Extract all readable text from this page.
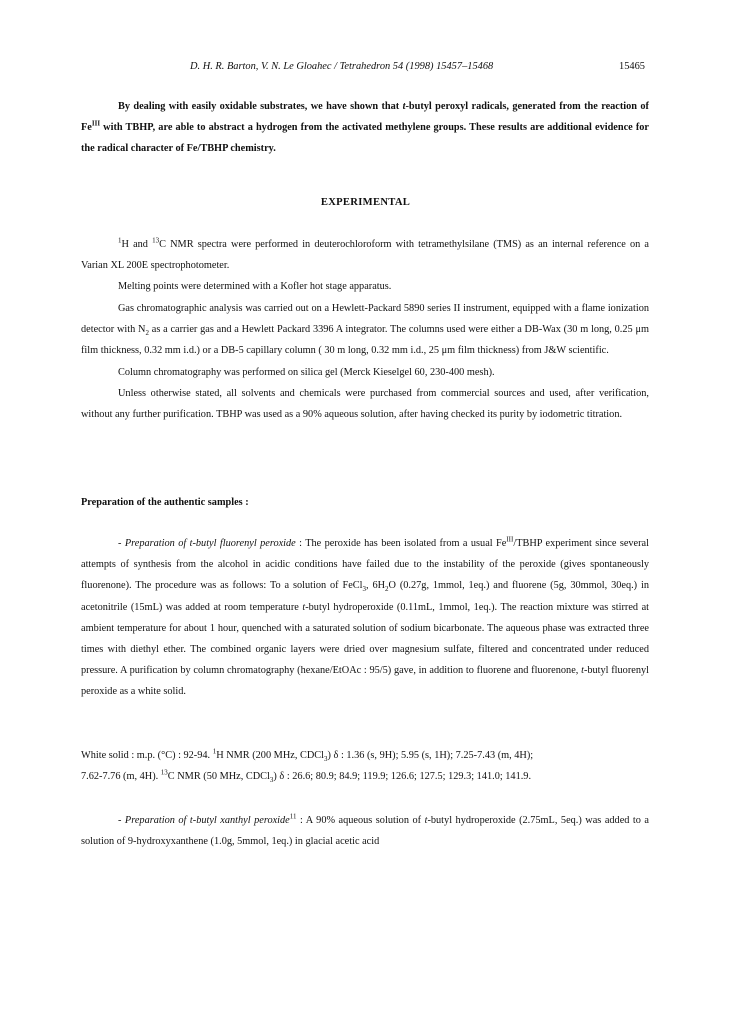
D. H. R. Barton, V. N. Le Gloahec / Tetrahedron 54 (1998) 15457–15468	15465

By dealing with easily oxidable substrates, we have shown that t-butyl peroxyl radicals, generated from the reaction of $Fe^{III}$ with TBHP, are able to abstract a hydrogen from the activated methylene groups. These results are additional evidence for the radical character of Fe/TBHP chemistry.

EXPERIMENTAL

$^1$H and $^{13}$C NMR spectra were performed in deuterochloroform with tetramethylsilane (TMS) as an internal reference on a Varian XL 200E spectrophotometer.

Melting points were determined with a Kofler hot stage apparatus.

Gas chromatographic analysis was carried out on a Hewlett-Packard 5890 series II instrument, equipped with a flame ionization detector with $N_2$ as a carrier gas and a Hewlett Packard 3396 A integrator. The columns used were either a DB-Wax (30 m long, 0.25 μm film thickness, 0.32 mm i.d.) or a DB-5 capillary column ( 30 m long, 0.32 mm i.d., 25 μm film thickness) from J&W scientific.

Column chromatography was performed on silica gel (Merck Kieselgel 60, 230-400 mesh).

Unless otherwise stated, all solvents and chemicals were purchased from commercial sources and used, after verification, without any further purification. TBHP was used as a 90% aqueous solution, after having checked its purity by iodometric titration.

Preparation of the authentic samples :

- Preparation of t-butyl fluorenyl peroxide : The peroxide has been isolated from a usual $Fe^{III}$/TBHP experiment since several attempts of synthesis from the alcohol in acidic conditions have failed due to the instability of the peroxide (gives spontaneously fluorenone). The procedure was as follows: To a solution of FeCl$_3$, $6H_2O$ (0.27g, 1mmol, 1eq.) and fluorene (5g, 30mmol, 30eq.) in acetonitrile (15mL) was added at room temperature t-butyl hydroperoxide (0.11mL, 1mmol, 1eq.). The reaction mixture was stirred at ambient temperature for about 1 hour, quenched with a saturated solution of sodium bicarbonate. The aqueous phase was extracted three times with diethyl ether. The combined organic layers were dried over magnesium sulfate, filtered and concentrated under reduced pressure. A purification by column chromatography (hexane/EtOAc : 95/5) gave, in addition to fluorene and fluorenone, t-butyl fluorenyl peroxide as a white solid.

White solid : m.p. (°C) : 92-94. $^1$H NMR (200 MHz, CDCl$_3$) δ : 1.36 (s, 9H); 5.95 (s, 1H); 7.25-7.43 (m, 4H);

7.62-7.76 (m, 4H). $^{13}$C NMR (50 MHz, CDCl$_3$) δ : 26.6; 80.9; 84.9; 119.9; 126.6; 127.5; 129.3; 141.0; 141.9.

- Preparation of t-butyl xanthyl peroxide$^{11}$ : A 90% aqueous solution of t-butyl hydroperoxide (2.75mL, 5eq.) was added to a solution of 9-hydroxyxanthene (1.0g, 5mmol, 1eq.) in glacial acetic acid
